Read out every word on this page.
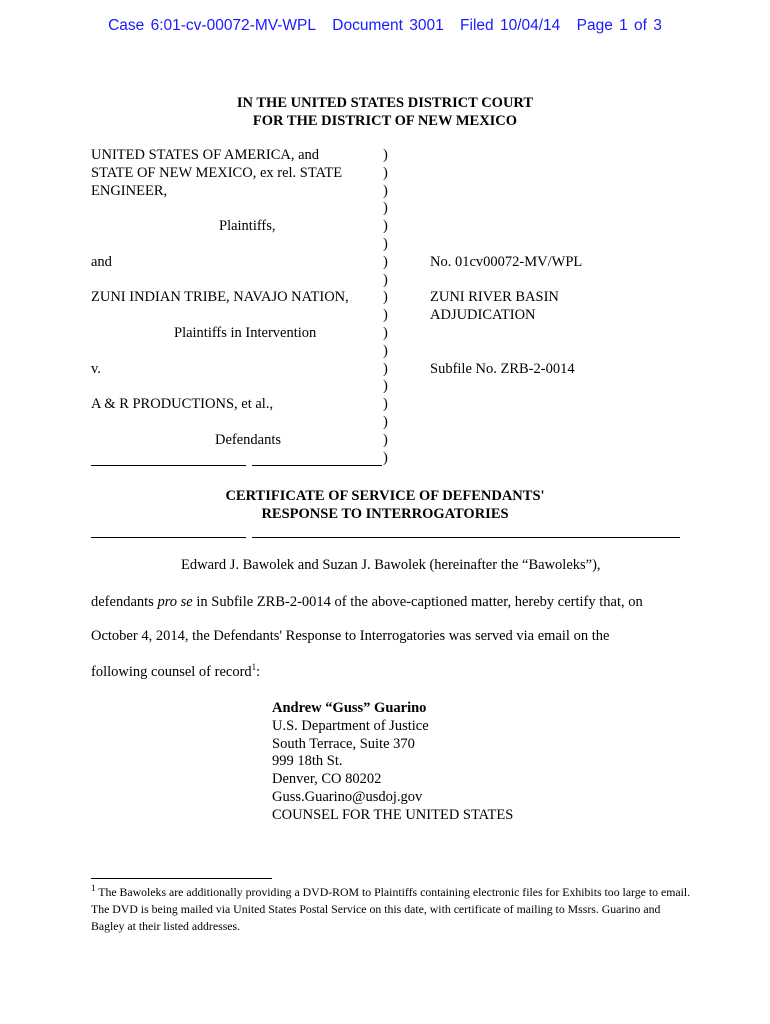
Case 6:01-cv-00072-MV-WPL Document 3001 Filed 10/04/14 Page 1 of 3
IN THE UNITED STATES DISTRICT COURT
FOR THE DISTRICT OF NEW MEXICO
UNITED STATES OF AMERICA, and
STATE OF NEW MEXICO, ex rel. STATE
ENGINEER,
Plaintiffs,
and
ZUNI INDIAN TRIBE, NAVAJO NATION,
Plaintiffs in Intervention
v.
A & R PRODUCTIONS, et al.,
Defendants
)
)
)
)
)
)
)
)
)
)
)
)
)
)
)
)
)
)
No. 01cv00072-MV/WPL
ZUNI RIVER BASIN
ADJUDICATION
Subfile No. ZRB-2-0014
CERTIFICATE OF SERVICE OF DEFENDANTS'
RESPONSE TO INTERROGATORIES
Edward J. Bawolek and Suzan J. Bawolek (hereinafter the “Bawoleks”),
defendants pro se in Subfile ZRB-2-0014 of the above-captioned matter, hereby certify that, on
October 4, 2014, the Defendants' Response to Interrogatories was served via email on the
following counsel of record$^1$:
Andrew “Guss” Guarino
U.S. Department of Justice
South Terrace, Suite 370
999 18th St.
Denver, CO 80202
Guss.Guarino@usdoj.gov
COUNSEL FOR THE UNITED STATES
$^1$ The Bawoleks are additionally providing a DVD-ROM to Plaintiffs containing electronic files for Exhibits too large to email. The DVD is being mailed via United States Postal Service on this date, with certificate of mailing to Mssrs. Guarino and Bagley at their listed addresses.
